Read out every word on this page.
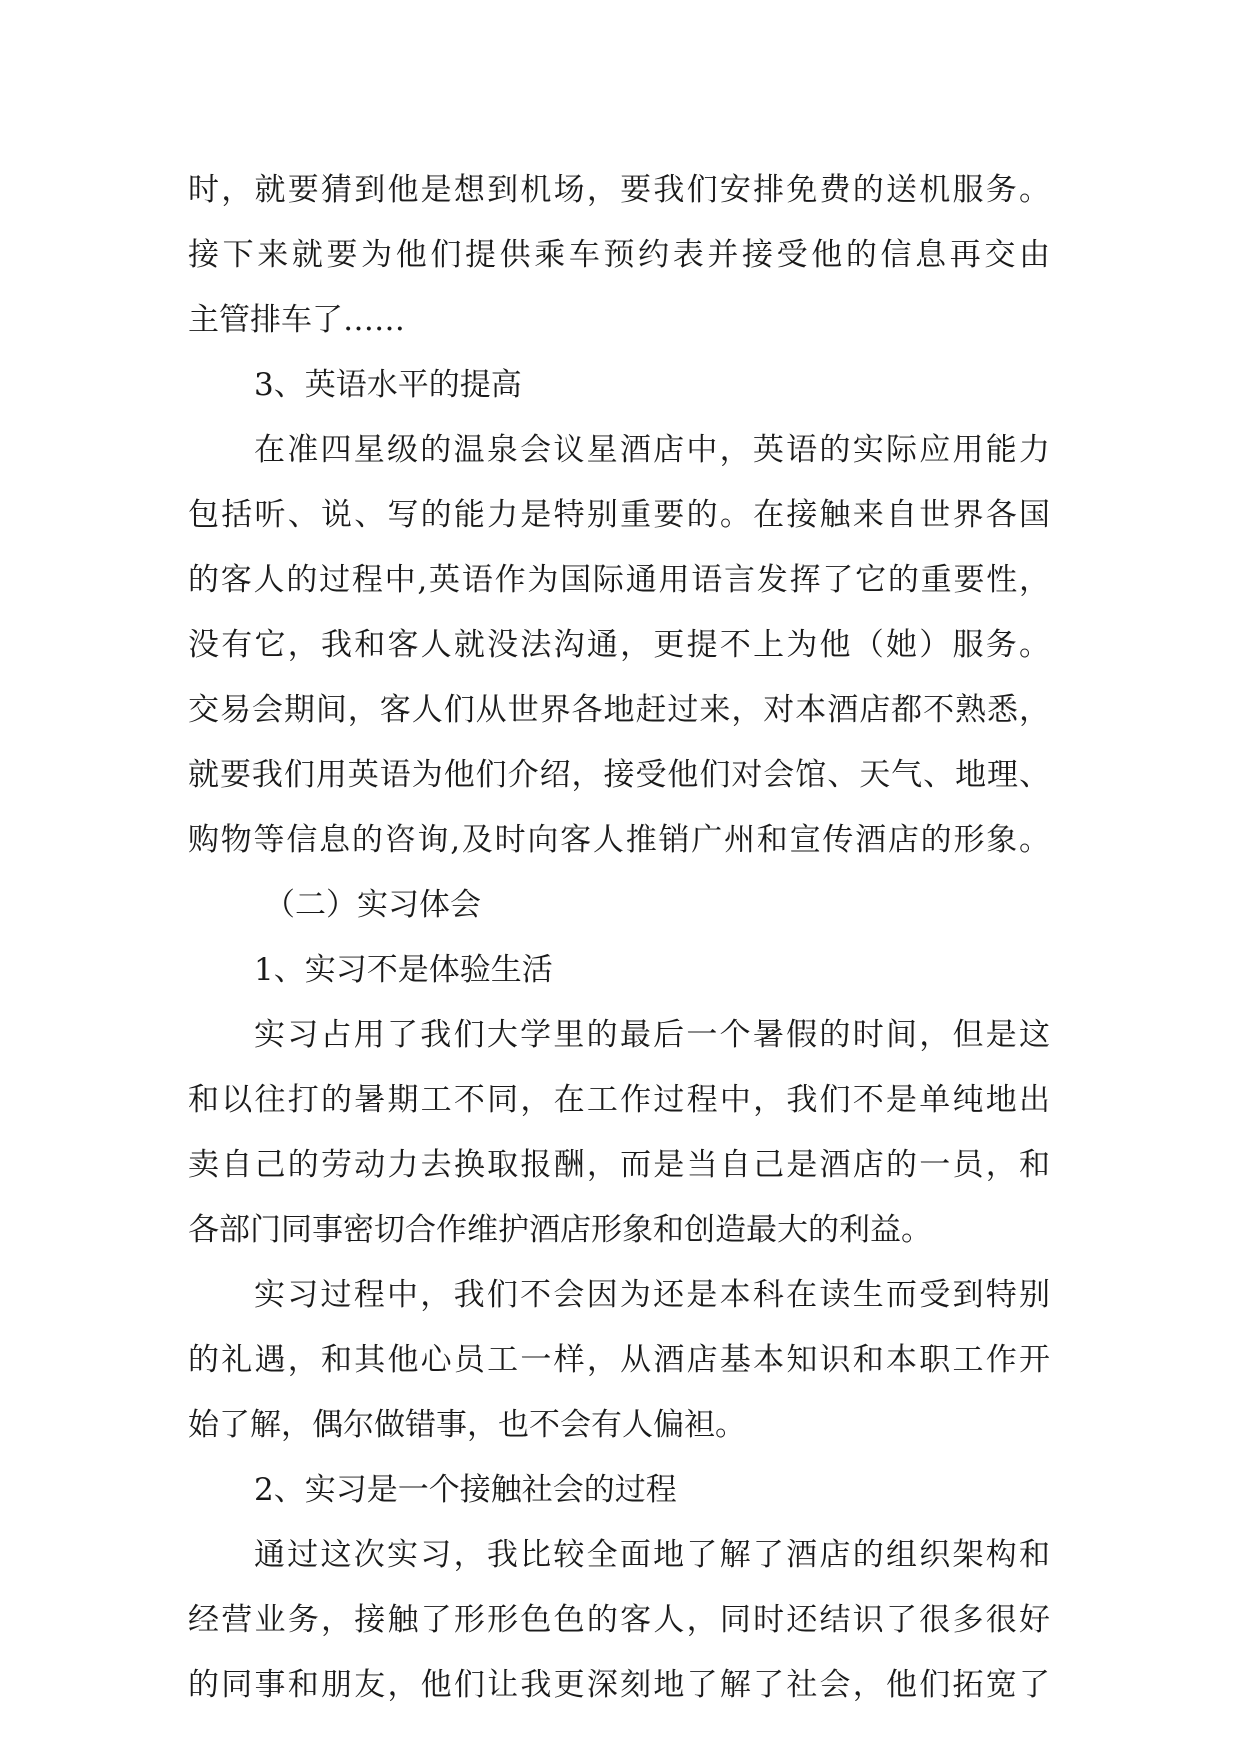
时，就要猜到他是想到机场，要我们安排免费的送机服务。
接下来就要为他们提供乘车预约表并接受他的信息再交由
主管排车了……
3、英语水平的提高
在准四星级的温泉会议星酒店中，英语的实际应用能力
包括听、说、写的能力是特别重要的。在接触来自世界各国
的客人的过程中,英语作为国际通用语言发挥了它的重要性，
没有它，我和客人就没法沟通，更提不上为他（她）服务。
交易会期间，客人们从世界各地赶过来，对本酒店都不熟悉，
就要我们用英语为他们介绍，接受他们对会馆、天气、地理、
购物等信息的咨询,及时向客人推销广州和宣传酒店的形象。
（二）实习体会
1、实习不是体验生活
实习占用了我们大学里的最后一个暑假的时间，但是这
和以往打的暑期工不同，在工作过程中，我们不是单纯地出
卖自己的劳动力去换取报酬，而是当自己是酒店的一员，和
各部门同事密切合作维护酒店形象和创造最大的利益。
实习过程中，我们不会因为还是本科在读生而受到特别
的礼遇，和其他心员工一样，从酒店基本知识和本职工作开
始了解，偶尔做错事，也不会有人偏袒。
2、实习是一个接触社会的过程
通过这次实习，我比较全面地了解了酒店的组织架构和
经营业务，接触了形形色色的客人，同时还结识了很多很好
的同事和朋友，他们让我更深刻地了解了社会，他们拓宽了
